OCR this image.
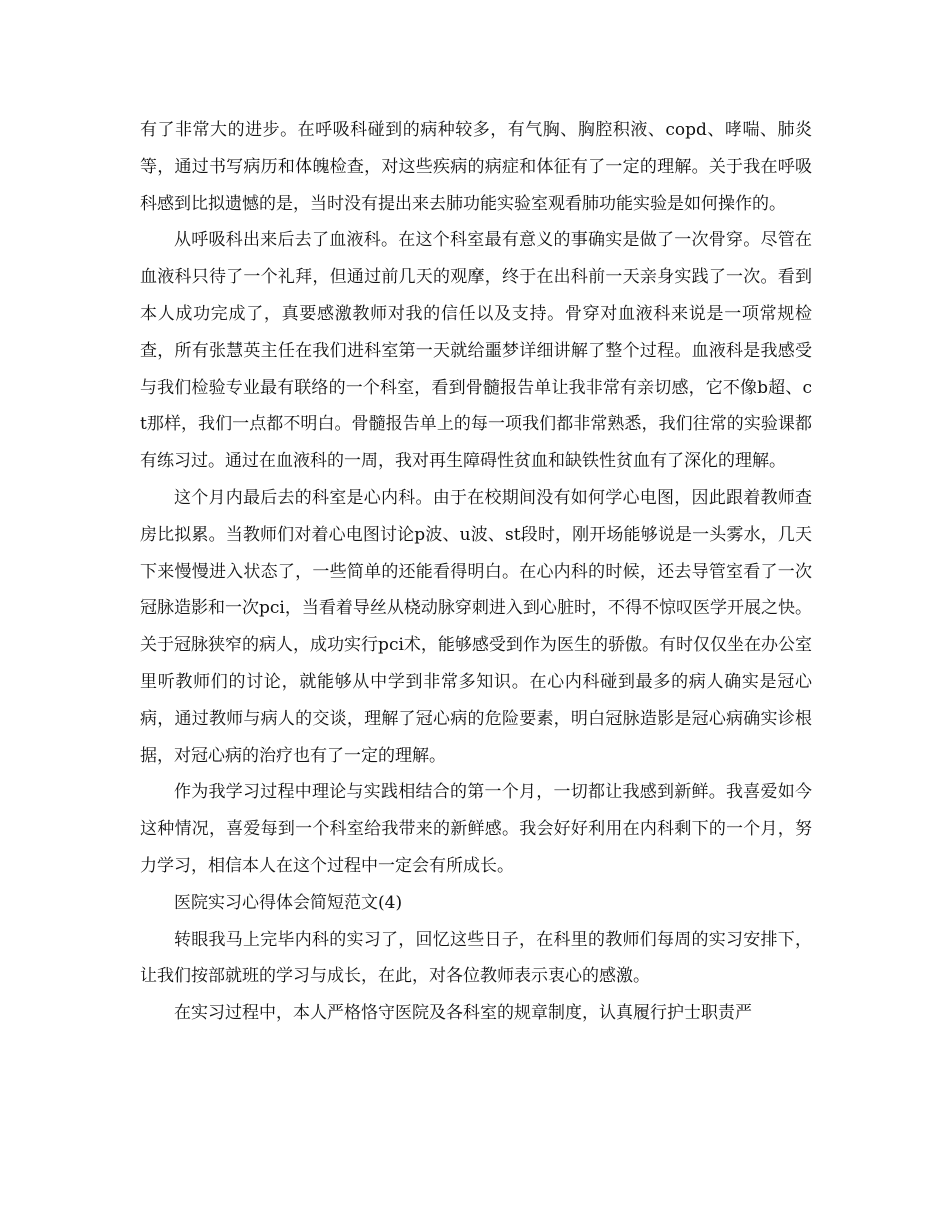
有了非常大的进步。在呼吸科碰到的病种较多，有气胸、胸腔积液、copd、哮喘、肺炎等，通过书写病历和体魄检查，对这些疾病的病症和体征有了一定的理解。关于我在呼吸科感到比拟遗憾的是，当时没有提出来去肺功能实验室观看肺功能实验是如何操作的。

从呼吸科出来后去了血液科。在这个科室最有意义的事确实是做了一次骨穿。尽管在血液科只待了一个礼拜，但通过前几天的观摩，终于在出科前一天亲身实践了一次。看到本人成功完成了，真要感激教师对我的信任以及支持。骨穿对血液科来说是一项常规检查，所有张慧英主任在我们进科室第一天就给噩梦详细讲解了整个过程。血液科是我感受与我们检验专业最有联络的一个科室，看到骨髓报告单让我非常有亲切感，它不像b超、ct那样，我们一点都不明白。骨髓报告单上的每一项我们都非常熟悉，我们往常的实验课都有练习过。通过在血液科的一周，我对再生障碍性贫血和缺铁性贫血有了深化的理解。

这个月内最后去的科室是心内科。由于在校期间没有如何学心电图，因此跟着教师查房比拟累。当教师们对着心电图讨论p波、u波、st段时，刚开场能够说是一头雾水，几天下来慢慢进入状态了，一些简单的还能看得明白。在心内科的时候，还去导管室看了一次冠脉造影和一次pci，当看着导丝从桡动脉穿刺进入到心脏时，不得不惊叹医学开展之快。关于冠脉狭窄的病人，成功实行pci术，能够感受到作为医生的骄傲。有时仅仅坐在办公室里听教师们的讨论，就能够从中学到非常多知识。在心内科碰到最多的病人确实是冠心病，通过教师与病人的交谈，理解了冠心病的危险要素，明白冠脉造影是冠心病确实诊根据，对冠心病的治疗也有了一定的理解。

作为我学习过程中理论与实践相结合的第一个月，一切都让我感到新鲜。我喜爱如今这种情况，喜爱每到一个科室给我带来的新鲜感。我会好好利用在内科剩下的一个月，努力学习，相信本人在这个过程中一定会有所成长。

医院实习心得体会简短范文(4)

转眼我马上完毕内科的实习了，回忆这些日子，在科里的教师们每周的实习安排下，让我们按部就班的学习与成长，在此，对各位教师表示衷心的感激。

在实习过程中，本人严格恪守医院及各科室的规章制度，认真履行护士职责严
